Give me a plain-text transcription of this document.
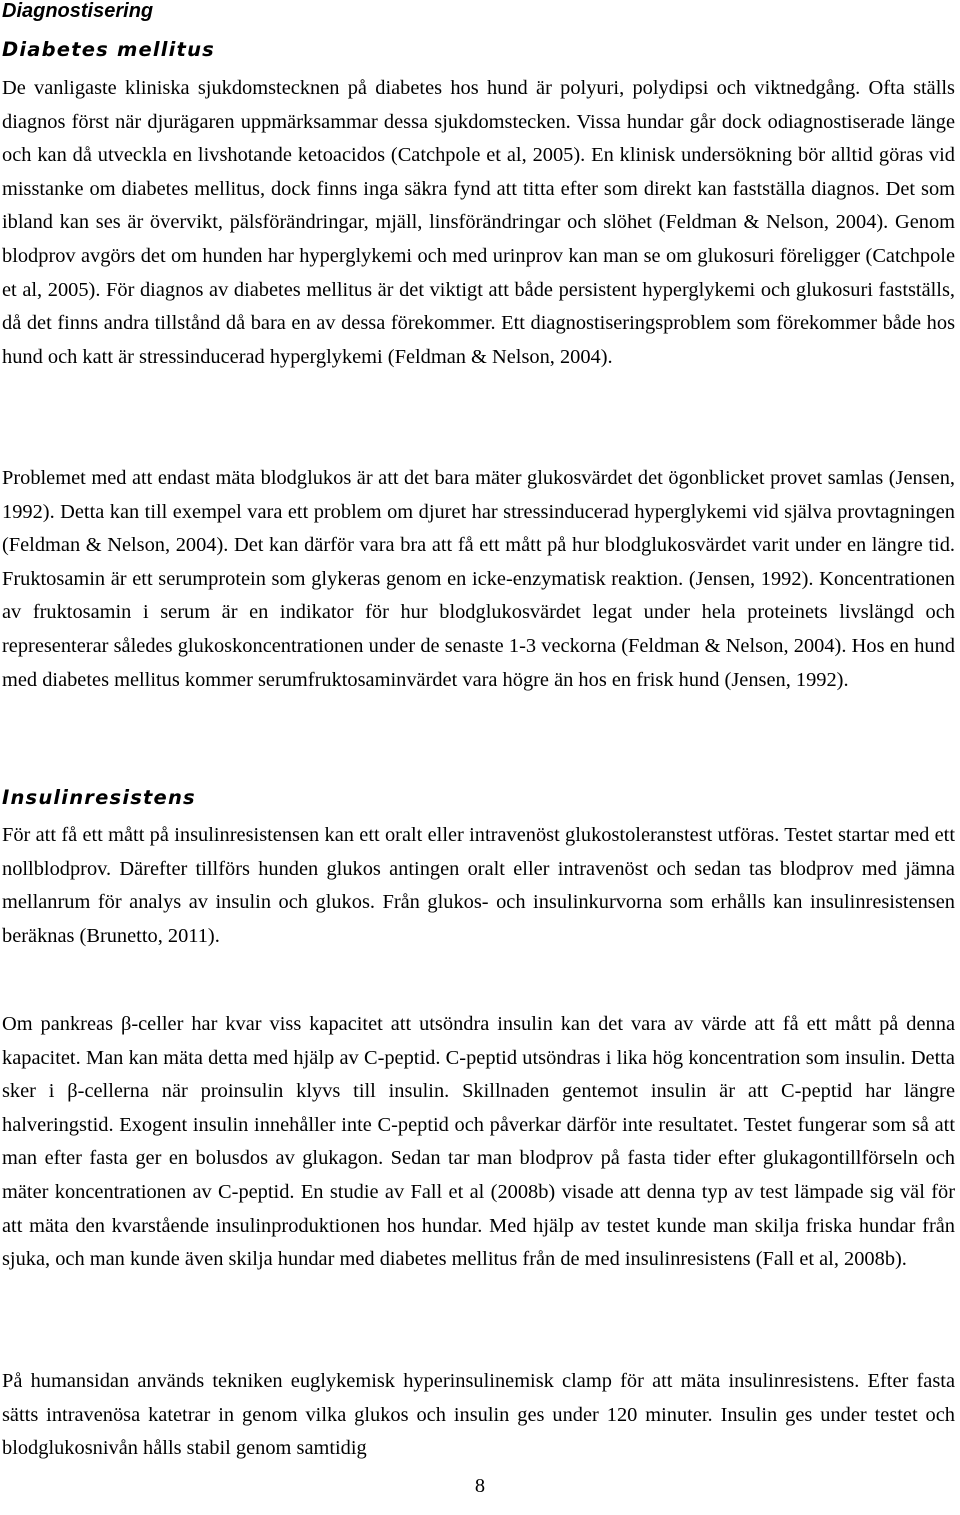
Diagnostisering
Diabetes mellitus

De vanligaste kliniska sjukdomstecknen på diabetes hos hund är polyuri, polydipsi och viktnedgång. Ofta ställs diagnos först när djurägaren uppmärksammar dessa sjukdomstecken. Vissa hundar går dock odiagnostiserade länge och kan då utveckla en livshotande ketoacidos (Catchpole et al, 2005). En klinisk undersökning bör alltid göras vid misstanke om diabetes mellitus, dock finns inga säkra fynd att titta efter som direkt kan fastställa diagnos. Det som ibland kan ses är övervikt, pälsförändringar, mjäll, linsförändringar och slöhet (Feldman & Nelson, 2004). Genom blodprov avgörs det om hunden har hyperglykemi och med urinprov kan man se om glukosuri föreligger (Catchpole et al, 2005). För diagnos av diabetes mellitus är det viktigt att både persistent hyperglykemi och glukosuri fastställs, då det finns andra tillstånd då bara en av dessa förekommer. Ett diagnostiseringsproblem som förekommer både hos hund och katt är stressinducerad hyperglykemi (Feldman & Nelson, 2004).

Problemet med att endast mäta blodglukos är att det bara mäter glukosvärdet det ögonblicket provet samlas (Jensen, 1992). Detta kan till exempel vara ett problem om djuret har stressinducerad hyperglykemi vid själva provtagningen (Feldman & Nelson, 2004). Det kan därför vara bra att få ett mått på hur blodglukosvärdet varit under en längre tid. Fruktosamin är ett serumprotein som glykeras genom en icke-enzymatisk reaktion. (Jensen, 1992). Koncentrationen av fruktosamin i serum är en indikator för hur blodglukosvärdet legat under hela proteinets livslängd och representerar således glukoskoncentrationen under de senaste 1-3 veckorna (Feldman & Nelson, 2004). Hos en hund med diabetes mellitus kommer serumfruktosaminvärdet vara högre än hos en frisk hund (Jensen, 1992).

Insulinresistens

För att få ett mått på insulinresistensen kan ett oralt eller intravenöst glukostoleranstest utföras. Testet startar med ett nollblodprov. Därefter tillförs hunden glukos antingen oralt eller intravenöst och sedan tas blodprov med jämna mellanrum för analys av insulin och glukos. Från glukos- och insulinkurvorna som erhålls kan insulinresistensen beräknas (Brunetto, 2011).

Om pankreas β-celler har kvar viss kapacitet att utsöndra insulin kan det vara av värde att få ett mått på denna kapacitet. Man kan mäta detta med hjälp av C-peptid. C-peptid utsöndras i lika hög koncentration som insulin. Detta sker i β-cellerna när proinsulin klyvs till insulin. Skillnaden gentemot insulin är att C-peptid har längre halveringstid. Exogent insulin innehåller inte C-peptid och påverkar därför inte resultatet. Testet fungerar som så att man efter fasta ger en bolusdos av glukagon. Sedan tar man blodprov på fasta tider efter glukagontillförseln och mäter koncentrationen av C-peptid. En studie av Fall et al (2008b) visade att denna typ av test lämpade sig väl för att mäta den kvarstående insulinproduktionen hos hundar. Med hjälp av testet kunde man skilja friska hundar från sjuka, och man kunde även skilja hundar med diabetes mellitus från de med insulinresistens (Fall et al, 2008b).

På humansidan används tekniken euglykemisk hyperinsulinemisk clamp för att mäta insulinresistens. Efter fasta sätts intravenösa katetrar in genom vilka glukos och insulin ges under 120 minuter. Insulin ges under testet och blodglukosnivån hålls stabil genom samtidig

8
